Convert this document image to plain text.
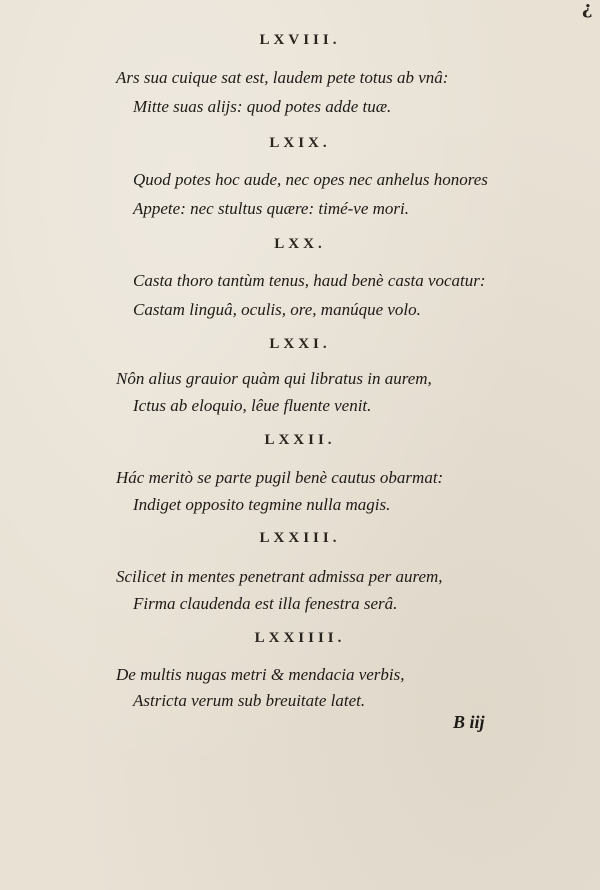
¿
LXVIII.
Ars sua cuique sat est, laudem pete totus ab vnâ:
Mitte suas alijs: quod potes adde tuæ.
LXIX.
Quod potes hoc aude, nec opes nec anhelus honores
Appete: nec stultus quære: timé-ve mori.
LXX.
Casta thoro tantùm tenus, haud benè casta vocatur:
Castam linguâ, oculis, ore, manúque volo.
LXXI.
Nôn alius grauior quàm qui libratus in aurem,
Ictus ab eloquio, lêue fluente venit.
LXXII.
Hác meritò se parte pugil benè cautus obarmat:
Indiget opposito tegmine nulla magis.
LXXIII.
Scilicet in mentes penetrant admissa per aurem,
Firma claudenda est illa fenestra serâ.
LXXIIII.
De multis nugas metri & mendacia verbis,
Astricta verum sub breuitate latet.
B iij
